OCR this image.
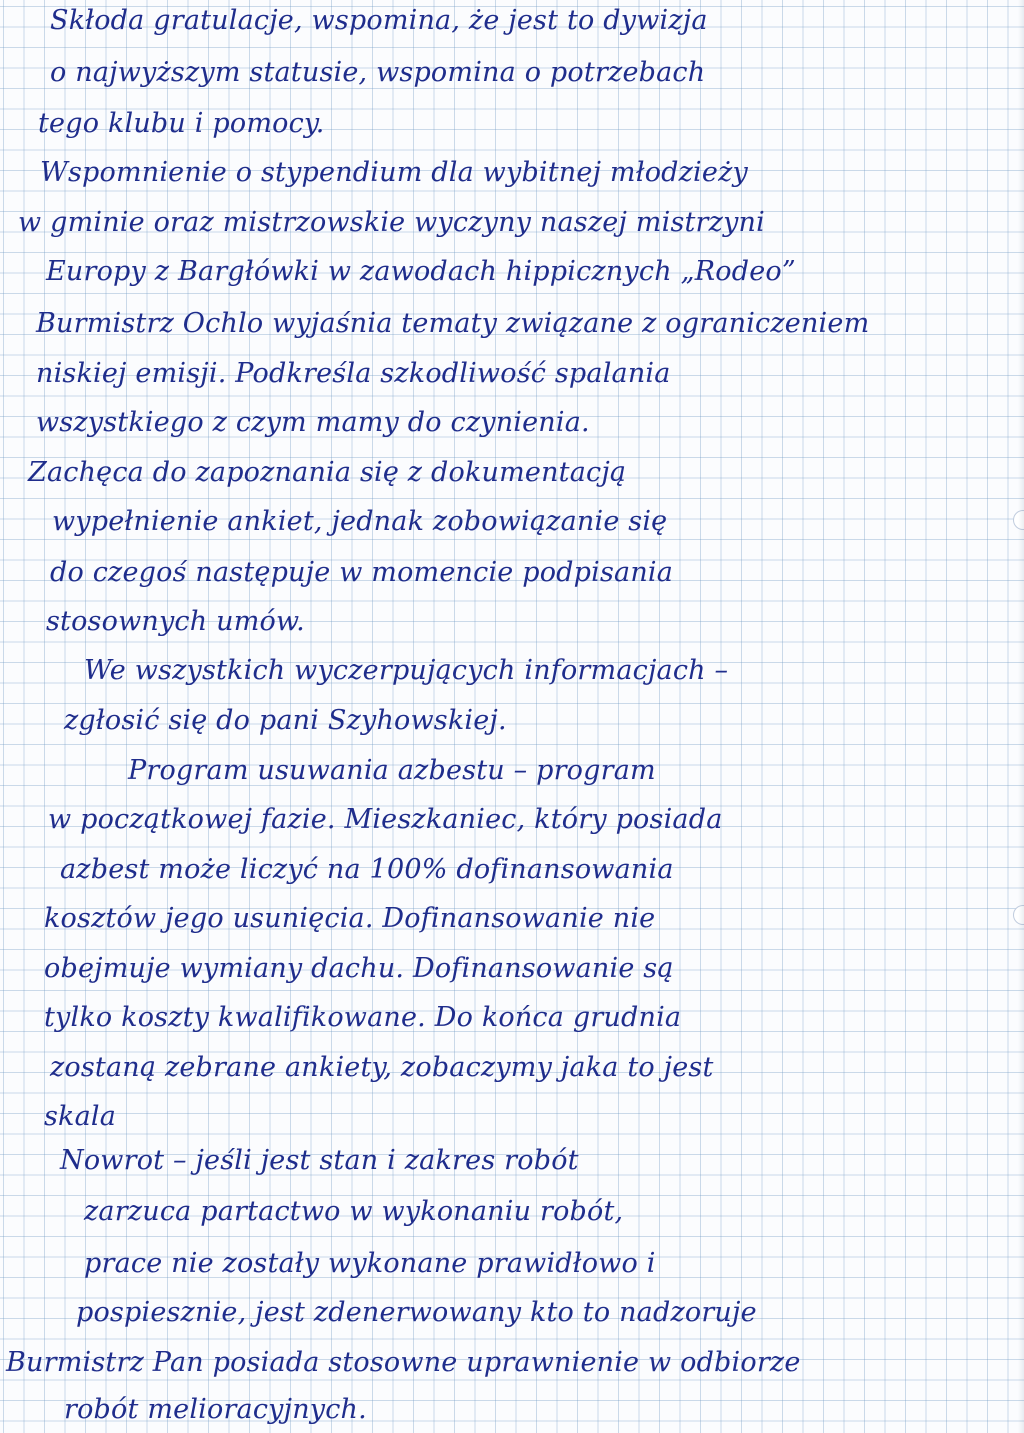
Skłoda gratulacje, wspomina, że jest to dywizja
o najwyższym statusie, wspomina o potrzebach
tego klubu i pomocy.
Wspomnienie o stypendium dla wybitnej młodzieży
w gminie oraz mistrzowskie wyczyny naszej mistrzyni
Europy z Bargłówki w zawodach hippicznych „Rodeo”
Burmistrz Ochlo wyjaśnia tematy związane z ograniczeniem
niskiej emisji. Podkreśla szkodliwość spalania
wszystkiego z czym mamy do czynienia.
Zachęca do zapoznania się z dokumentacją
wypełnienie ankiet, jednak zobowiązanie się
do czegoś następuje w momencie podpisania
stosownych umów.
We wszystkich wyczerpujących informacjach –
zgłosić się do pani Szyhowskiej.
Program usuwania azbestu – program
w początkowej fazie. Mieszkaniec, który posiada
azbest może liczyć na 100% dofinansowania
kosztów jego usunięcia. Dofinansowanie nie
obejmuje wymiany dachu. Dofinansowanie są
tylko koszty kwalifikowane. Do końca grudnia
zostaną zebrane ankiety, zobaczymy jaka to jest
skala
Nowrot – jeśli jest stan i zakres robót
zarzuca partactwo w wykonaniu robót,
prace nie zostały wykonane prawidłowo i
pospiesznie, jest zdenerwowany kto to nadzoruje
Burmistrz Pan posiada stosowne uprawnienie w odbiorze
robót melioracyjnych.
